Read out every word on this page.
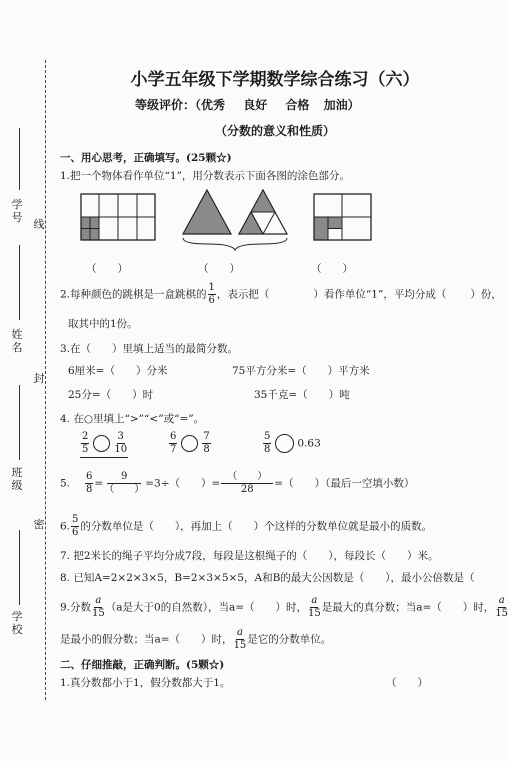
学号
线
姓名
封
班级
密
学校
小学五年级下学期数学综合练习（六）
等级评价：（优秀 良好 合格 加油）
（分数的意义和性质）
一、用心思考，正确填写。(25颗☆)
1.把一个物体看作单位“1”，用分数表示下面各图的涂色部分。
（　　）	（　　）	（　　）
2.每种颜色的跳棋是一盒跳棋的 $\frac{1}{6}$ ，表示把（	）看作单位“1”，平均分成（ ）份，
取其中的1份。
3.在（　　）里填上适当的最简分数。
6厘米=（　　）分米	75平方分米=（　　）平方米
25分=（　　）时	35千克=（　　）吨
4. 在○里填上“>”“<”或“=”。
$\frac{2}{5}$	$\frac{3}{10}$	$\frac{6}{7}$	$\frac{7}{8}$	$\frac{5}{8} 0.63$
5. $\frac{6}{8} = \frac{9}{( )} =3\div$（　　）= $\frac{( )}{28}$ =（　　）（最后一空填小数）
6. $\frac{5}{6}$ 的分数单位是（　　），再加上（　　）个这样的分数单位就是最小的质数。
7. 把2米长的绳子平均分成7段，每段是这根绳子的（　　），每段长（　　）米。
8. 已知A=2×2×3×5，B=2×3×5×5，A和B的最大公因数是（　　），最小公倍数是（
9.分数 $\frac{a}{15} (a$是大于0的自然数），当a=（　　）时， $\frac{a}{15}$ 是最大的真分数；当a=（　　）时， $\frac{a}{15}$
是最小的假分数；当a=（　　）时， $\frac{a}{15}$ 是它的分数单位。
二、仔细推敲，正确判断。(5颗☆)
1.真分数都小于1，假分数都大于1。	（　　）
